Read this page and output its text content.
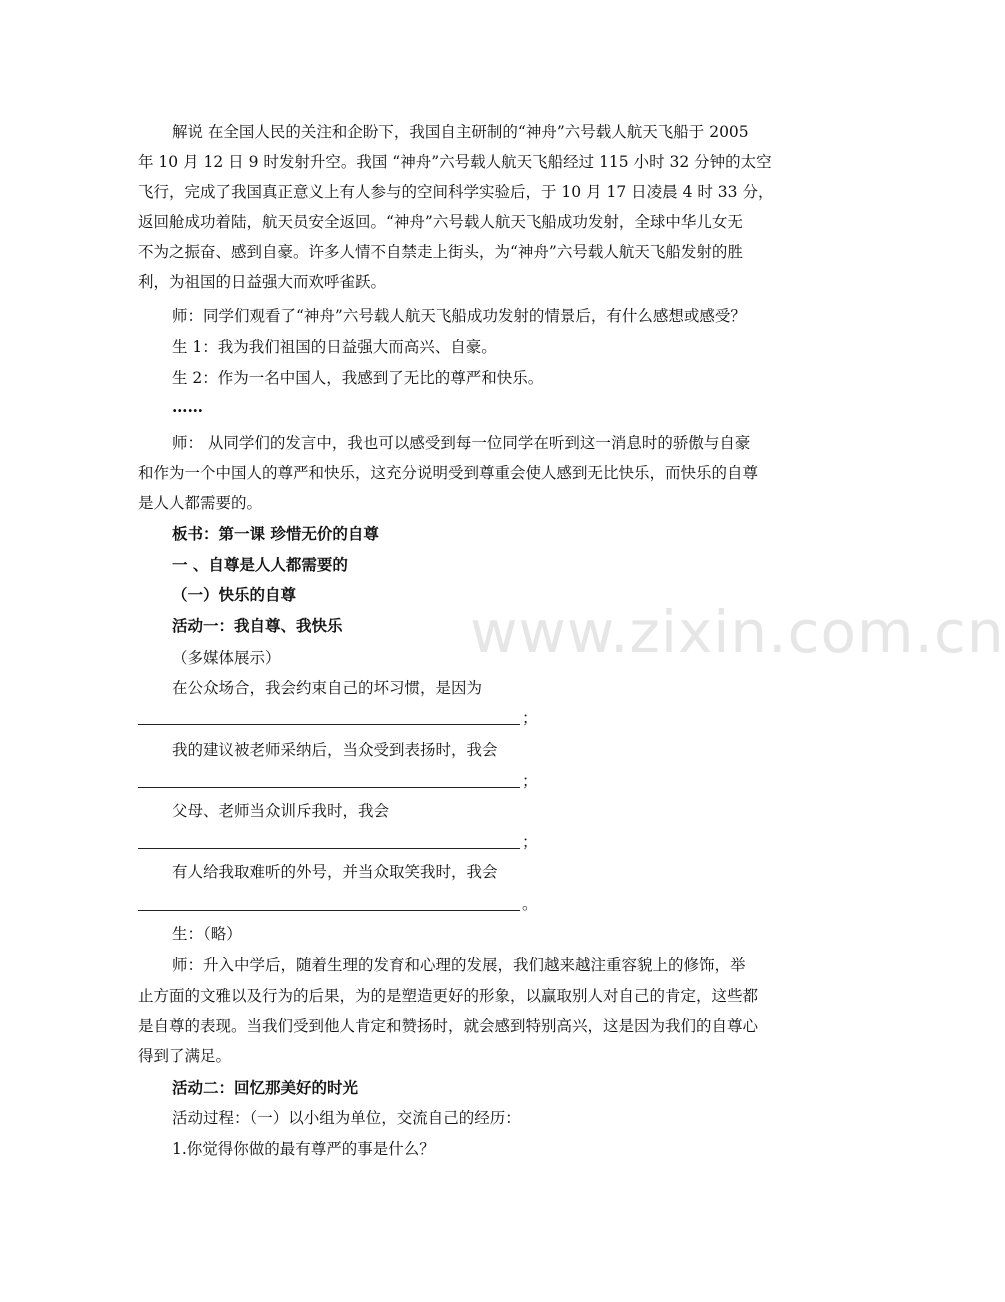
解说 在全国人民的关注和企盼下，我国自主研制的“神舟”六号载人航天飞船于 2005
年 10 月 12 日 9 时发射升空。我国 “神舟”六号载人航天飞船经过 115 小时 32 分钟的太空
飞行，完成了我国真正意义上有人参与的空间科学实验后，于 10 月 17 日凌晨 4 时 33 分，
返回舱成功着陆，航天员安全返回。“神舟”六号载人航天飞船成功发射，全球中华儿女无
不为之振奋、感到自豪。许多人情不自禁走上街头，为“神舟”六号载人航天飞船发射的胜
利，为祖国的日益强大而欢呼雀跃。
师：同学们观看了“神舟”六号载人航天飞船成功发射的情景后，有什么感想或感受？
生 1：我为我们祖国的日益强大而高兴、自豪。
生 2：作为一名中国人，我感到了无比的尊严和快乐。
……
师： 从同学们的发言中，我也可以感受到每一位同学在听到这一消息时的骄傲与自豪
和作为一个中国人的尊严和快乐，这充分说明受到尊重会使人感到无比快乐，而快乐的自尊
是人人都需要的。
板书：第一课 珍惜无价的自尊
一 、自尊是人人都需要的
（一）快乐的自尊
活动一：我自尊、我快乐
（多媒体展示）
在公众场合，我会约束自己的坏习惯，是因为
；
我的建议被老师采纳后，当众受到表扬时，我会
；
父母、老师当众训斥我时，我会
；
有人给我取难听的外号，并当众取笑我时，我会
。
生：（略）
师：升入中学后，随着生理的发育和心理的发展，我们越来越注重容貌上的修饰，举
止方面的文雅以及行为的后果，为的是塑造更好的形象，以赢取别人对自己的肯定，这些都
是自尊的表现。当我们受到他人肯定和赞扬时，就会感到特别高兴，这是因为我们的自尊心
得到了满足。
活动二：回忆那美好的时光
活动过程：（一）以小组为单位，交流自己的经历：
1.你觉得你做的最有尊严的事是什么？
www.zixin.com.cn
